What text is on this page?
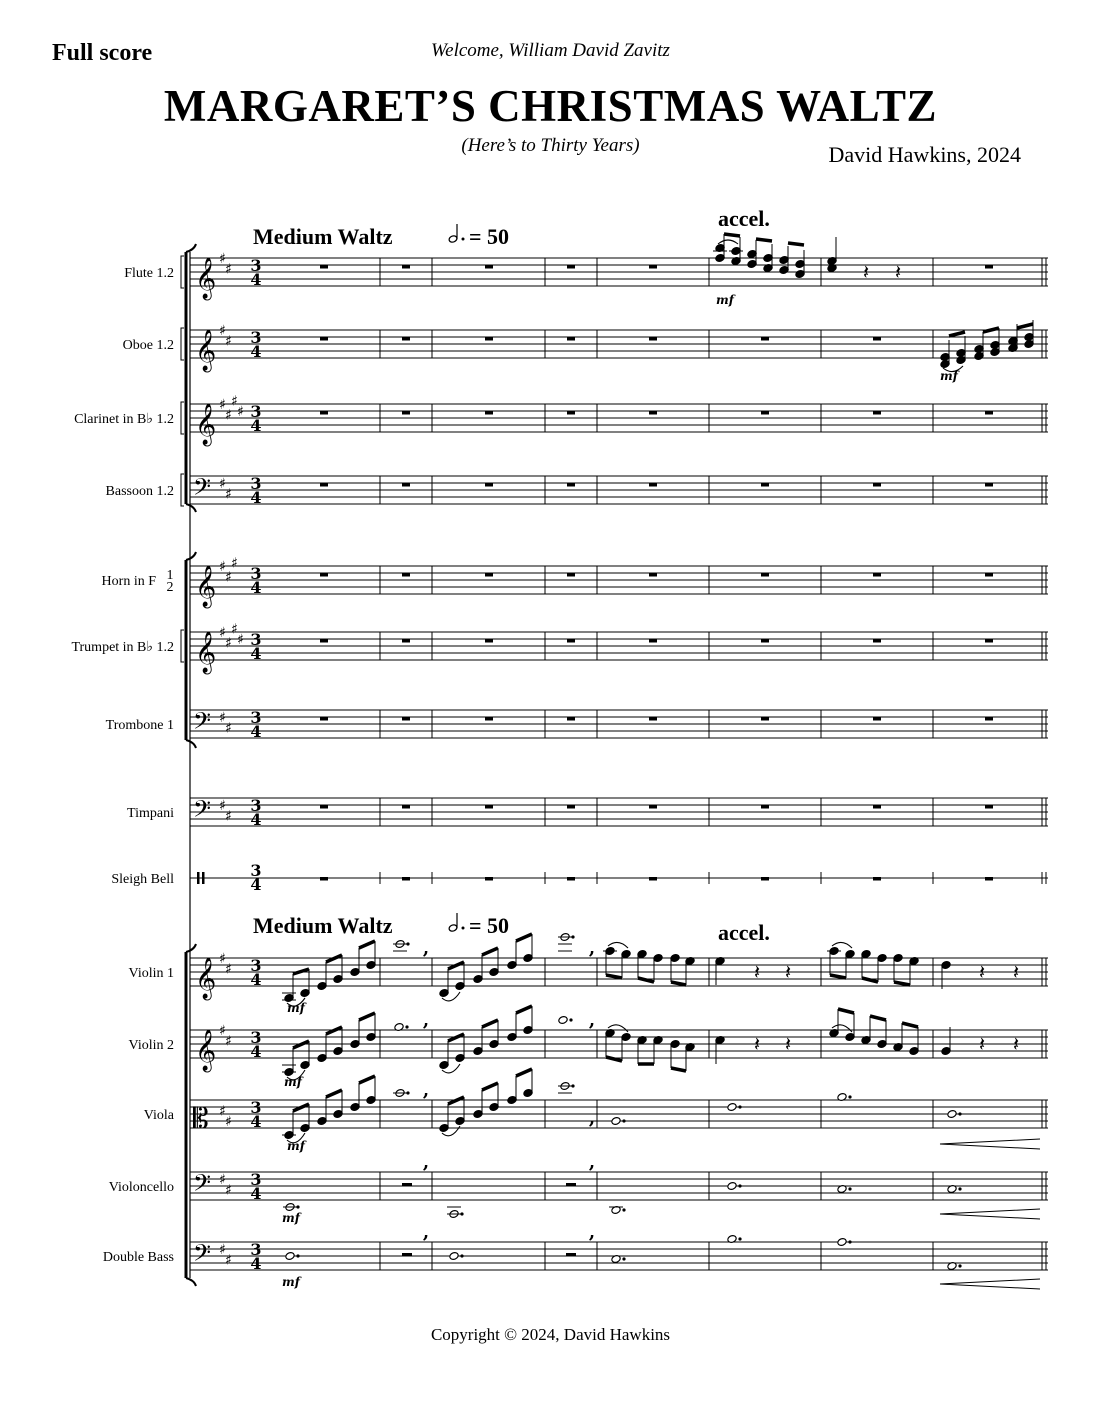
Full score	Welcome, William David Zavitz
MARGARET’S CHRISTMAS WALTZ
(Here’s to Thirty Years)	David Hawkins, 2024
Flute 1.2
Oboe 1.2
Clarinet in B♭ 1.2
Bassoon 1.2
Horn in F 1
2
Trumpet in B♭ 1.2
Trombone 1
Timpani
Sleigh Bell
Violin 1
Violin 2
Viola
Violoncello
Double Bass
𝄞 ♯
♯ 3
4
𝄞 ♯
♯ 3
4
𝄞 ♯
♯
♯
♯ 3
4
𝄢 ♯
♯
3
4
𝄞 ♯
♯
♯
3
4
𝄞 ♯
♯
♯
♯ 3
4
𝄢 ♯
♯
3
4
𝄢 ♯
♯
3
4
3
4
𝄞 ♯
♯ 3
4
𝄞 ♯
♯ 3
4
𝄡 ♯
♯
3
4
𝄢 ♯
♯
3
4
𝄢 ♯
♯
3
4
mf
𝄽 𝄽
mf
Medium Waltz	= 50
accel.
Medium Waltz	= 50	accel.
mf
,	,
𝄽 𝄽	𝄽 𝄽
mf
,	,
𝄽 𝄽	𝄽 𝄽
mf
,
,
mf
,	,
mf
,	,
Copyright © 2024, David Hawkins
